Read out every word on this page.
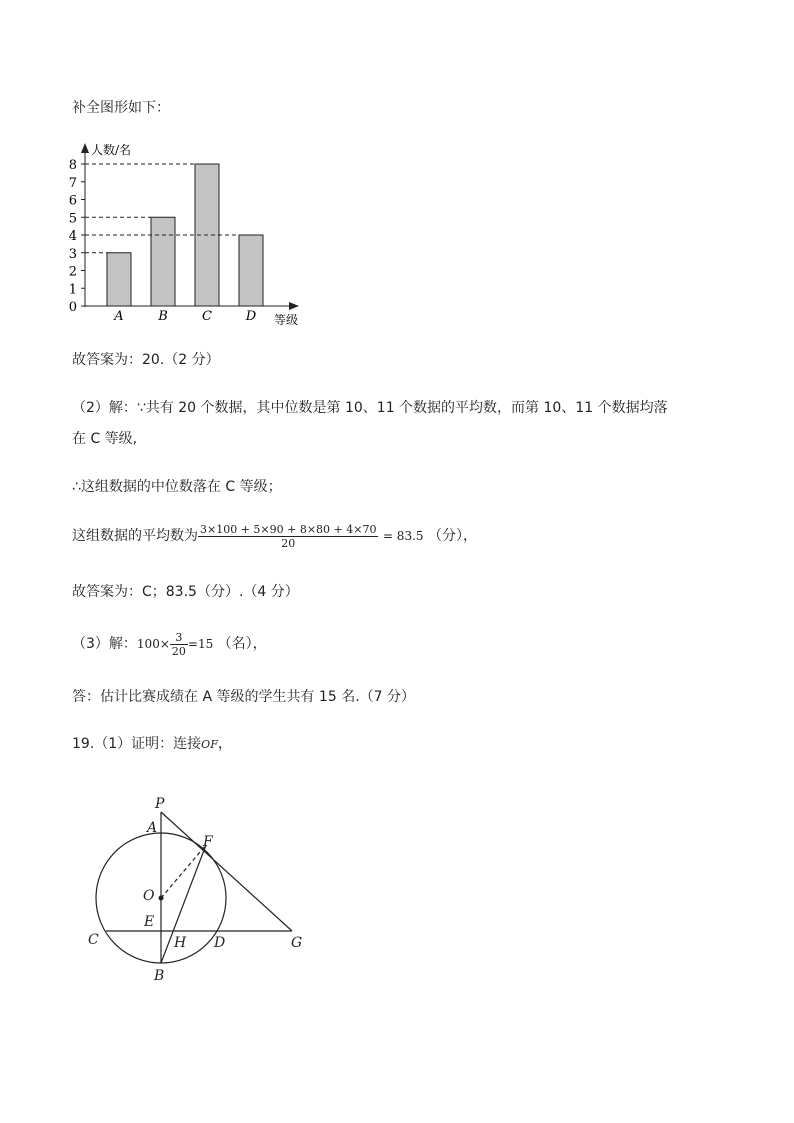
补全图形如下：
A	B	C	D
0
1
2
3
4
5
6
7
8
人数/名
等级
故答案为：20.（2 分）
（2）解：∵共有 20 个数据，其中位数是第 10、11 个数据的平均数，而第 10、11 个数据均落
在 C 等级,
∴这组数据的中位数落在 C 等级；
这组数据的平均数为 $\frac{3\times 100 + 5\times 90 + 8\times 80 + 4\times 70}{20} = 83.5$ （分），
故答案为：C；83.5（分）.（4 分）
（3）解：$100\times \frac{3}{20} =15$ （名），
答：估计比赛成绩在 A 等级的学生共有 15 名.（7 分）
19.（1）证明：连接OF，
P
A
F
O
E
C	H D	G
B
